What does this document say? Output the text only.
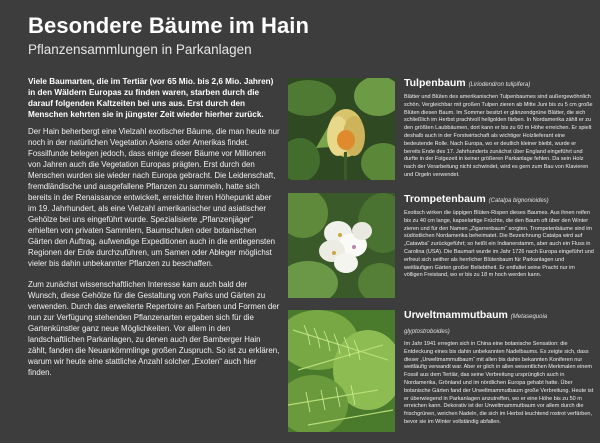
Besondere Bäume im Hain
Pflanzensammlungen in Parkanlagen

Viele Baumarten, die im Tertiär (vor 65 Mio. bis 2,6 Mio. Jahren) in den Wäldern Europas zu finden waren, starben durch die darauf folgenden Kaltzeiten bei uns aus. Erst durch den Menschen kehrten sie in jüngster Zeit wieder hierher zurück.

Der Hain beherbergt eine Vielzahl exotischer Bäume, die man heute nur noch in der natürlichen Vegetation Asiens oder Amerikas findet. Fossilfunde belegen jedoch, dass einige dieser Bäume vor Millionen von Jahren auch die Vegetation Europas prägten. Erst durch den Menschen wurden sie wieder nach Europa gebracht. Die Leidenschaft, fremdländische und ausgefallene Pflanzen zu sammeln, hatte sich bereits in der Renaissance entwickelt, erreichte ihren Höhepunkt aber im 19. Jahrhundert, als eine Vielzahl amerikanischer und asiatischer Gehölze bei uns eingeführt wurde. Spezialisierte „Pflanzenjäger“ erhielten von privaten Sammlern, Baumschulen oder botanischen Gärten den Auftrag, aufwendige Expeditionen auch in die entlegensten Regionen der Erde durchzuführen, um Samen oder Ableger möglichst vieler bis dahin unbekannter Pflanzen zu beschaffen.

Zum zunächst wissenschaftlichen Interesse kam auch bald der Wunsch, diese Gehölze für die Gestaltung von Parks und Gärten zu verwenden. Durch das erweiterte Repertoire an Farben und Formen der nun zur Verfügung stehenden Pflanzenarten ergaben sich für die Gartenkünstler ganz neue Möglichkeiten. Vor allem in den landschaftlichen Parkanlagen, zu denen auch der Bamberger Hain zählt, fanden die Neuankömmlinge großen Zuspruch. So ist zu erklären, warum wir heute eine stattliche Anzahl solcher „Exoten“ auch hier finden.

Tulpenbaum (Liriodendron tulipifera)

Blätter und Blüten des amerikanischen Tulpenbaumes sind außergewöhnlich schön. Vergleichbar mit großen Tulpen zieren ab Mitte Juni bis zu 5 cm große Blüten diesen Baum. Im Sommer besitzt er glänzendgrüne Blätter, die sich schließlich im Herbst prachtvoll hellgolden färben. In Nordamerika zählt er zu den größten Laubbäumen, dort kann er bis zu 60 m Höhe erreichen. Er spielt deshalb auch in der Forstwirtschaft als wichtiger Holzlieferant eine bedeutende Rolle. Nach Europa, wo er deutlich kleiner bleibt, wurde er bereits Ende des 17. Jahrhunderts zunächst über England eingeführt und durfte in der Folgezeit in keiner größeren Parkanlage fehlen. Da sein Holz nach der Verarbeitung nicht schwindet, wird es gern zum Bau von Klavieren und Orgeln verwendet.

Trompetenbaum (Catalpa bignonioides)

Exotisch wirken die üppigen Blüten-Rispen dieses Baumes. Aus ihnen reifen bis zu 40 cm lange, kapselartige Früchte, die den Baum oft über den Winter zieren und für den Namen „Zigarrenbaum“ sorgten. Trompetenbäume sind im südöstlichen Nordamerika beheimatet. Die Bezeichnung Catalpa wird auf „Catawba“ zurückgeführt; so heißt ein Indianerstamm, aber auch ein Fluss in Carolina (USA). Die Baumart wurde im Jahr 1726 nach Europa eingeführt und erfreut sich seither als herrlicher Blütenbaum für Parkanlagen und weitläufigen Gärten großer Beliebtheit. Er entfaltet seine Pracht nur im völligen Freistand, wo er bis zu 18 m hoch werden kann.

Urweltmammutbaum (Metasequoia glyptostroboides)

Im Jahr 1941 erregten sich in China eine botanische Sensation: die Entdeckung eines bis dahin unbekannten Nadelbaums. Es zeigte sich, dass dieser „Urweltmammutbaum“ mit allen bis dahin bekannten Koniferen nur weitläufig verwandt war. Aber er glich in allen wesentlichen Merkmalen einem Fossil aus dem Tertiär, das seine Verbreitung ursprünglich auch in Nordamerika, Grönland und im nördlichen Europa gehabt hatte. Über botanische Gärten fand der Urweltmammutbaum große Verbreitung. Heute ist er überwiegend in Parkanlagen anzutreffen, wo er eine Höhe bis zu 50 m erreichen kann. Dekorativ ist der Urweltmammutbaum vor allem durch die frischgrünen, weichen Nadeln, die sich im Herbst leuchtend rostrot verfärben, bevor sie im Winter vollständig abfallen.
